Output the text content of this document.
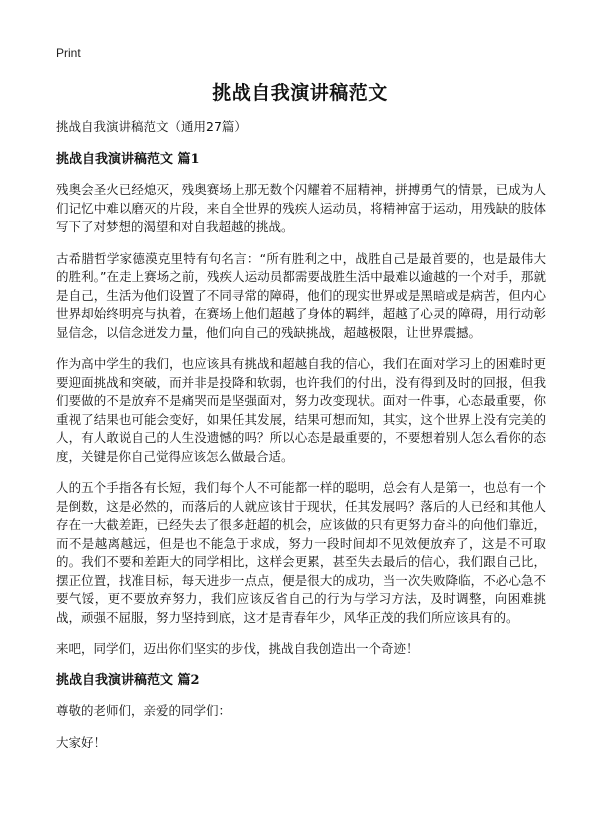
Print
挑战自我演讲稿范文

挑战自我演讲稿范文（通用27篇）

挑战自我演讲稿范文 篇1

残奥会圣火已经熄灭，残奥赛场上那无数个闪耀着不屈精神，拼搏勇气的情景，已成为人们记忆中难以磨灭的片段，来自全世界的残疾人运动员，将精神富于运动，用残缺的肢体写下了对梦想的渴望和对自我超越的挑战。

古希腊哲学家德漠克里特有句名言：“所有胜利之中，战胜自己是最首要的，也是最伟大的胜利。”在走上赛场之前，残疾人运动员都需要战胜生活中最难以逾越的一个对手，那就是自己，生活为他们设置了不同寻常的障碍，他们的现实世界或是黑暗或是病苦，但内心世界却始终明亮与执着，在赛场上他们超越了身体的羁绊，超越了心灵的障碍，用行动彰显信念，以信念迸发力量，他们向自己的残缺挑战，超越极限，让世界震撼。

作为高中学生的我们，也应该具有挑战和超越自我的信心，我们在面对学习上的困难时更要迎面挑战和突破，而并非是投降和软弱，也许我们的付出，没有得到及时的回报，但我们要做的不是放弃不是痛哭而是坚强面对，努力改变现状。面对一件事，心态最重要，你重视了结果也可能会变好，如果任其发展，结果可想而知，其实，这个世界上没有完美的人，有人敢说自己的人生没遗憾的吗？所以心态是最重要的，不要想着别人怎么看你的态度，关键是你自己觉得应该怎么做最合适。

人的五个手指各有长短，我们每个人不可能都一样的聪明，总会有人是第一，也总有一个是倒数，这是必然的，而落后的人就应该甘于现状，任其发展吗？落后的人已经和其他人存在一大截差距，已经失去了很多赶超的机会，应该做的只有更努力奋斗的向他们靠近，而不是越离越远，但是也不能急于求成，努力一段时间却不见效便放弃了，这是不可取的。我们不要和差距大的同学相比，这样会更累，甚至失去最后的信心，我们跟自己比，摆正位置，找准目标，每天进步一点点，便是很大的成功，当一次失败降临，不必心急不要气馁，更不要放弃努力，我们应该反省自己的行为与学习方法，及时调整，向困难挑战，顽强不屈服，努力坚持到底，这才是青春年少，风华正茂的我们所应该具有的。

来吧，同学们，迈出你们坚实的步伐，挑战自我创造出一个奇迹！

挑战自我演讲稿范文 篇2

尊敬的老师们，亲爱的同学们：

大家好！
